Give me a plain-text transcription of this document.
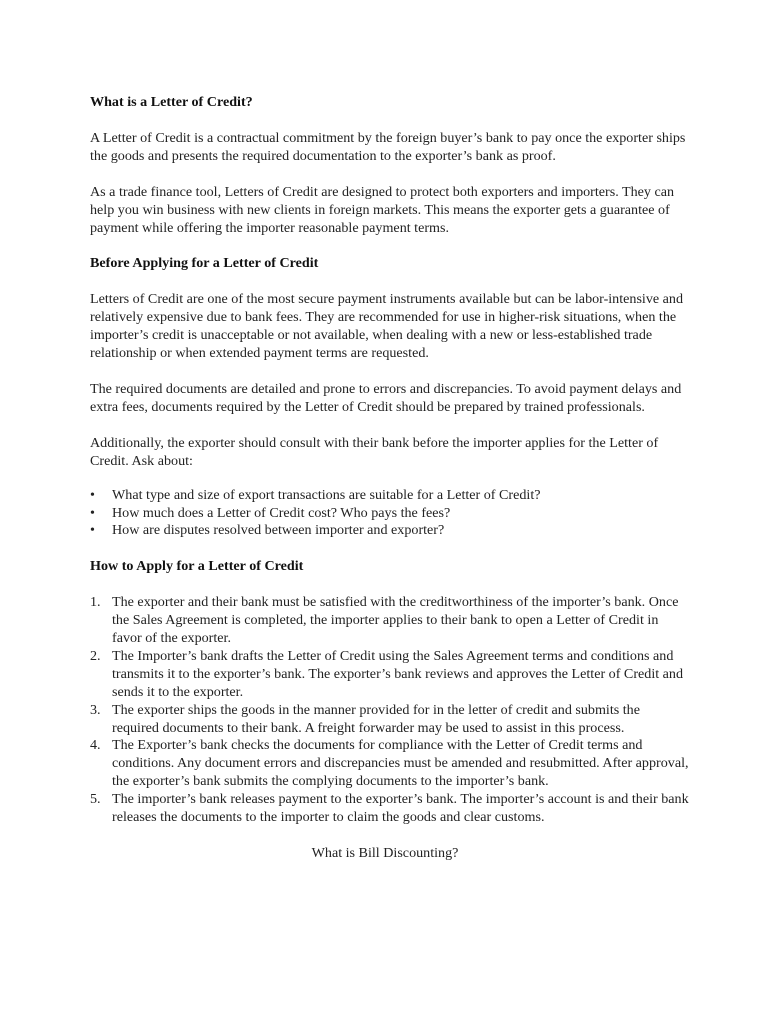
What is a Letter of Credit?

A Letter of Credit is a contractual commitment by the foreign buyer’s bank to pay once the exporter ships the goods and presents the required documentation to the exporter’s bank as proof.

As a trade finance tool, Letters of Credit are designed to protect both exporters and importers. They can help you win business with new clients in foreign markets. This means the exporter gets a guarantee of payment while offering the importer reasonable payment terms.

Before Applying for a Letter of Credit

Letters of Credit are one of the most secure payment instruments available but can be labor-intensive and relatively expensive due to bank fees. They are recommended for use in higher-risk situations, when the importer’s credit is unacceptable or not available, when dealing with a new or less-established trade relationship or when extended payment terms are requested.

The required documents are detailed and prone to errors and discrepancies. To avoid payment delays and extra fees, documents required by the Letter of Credit should be prepared by trained professionals.

Additionally, the exporter should consult with their bank before the importer applies for the Letter of Credit. Ask about:

• What type and size of export transactions are suitable for a Letter of Credit?
• How much does a Letter of Credit cost? Who pays the fees?
• How are disputes resolved between importer and exporter?
How to Apply for a Letter of Credit
1. The exporter and their bank must be satisfied with the creditworthiness of the importer’s bank. Once the Sales Agreement is completed, the importer applies to their bank to open a Letter of Credit in favor of the exporter.
2. The Importer’s bank drafts the Letter of Credit using the Sales Agreement terms and conditions and transmits it to the exporter’s bank. The exporter’s bank reviews and approves the Letter of Credit and sends it to the exporter.
3. The exporter ships the goods in the manner provided for in the letter of credit and submits the required documents to their bank. A freight forwarder may be used to assist in this process.
4. The Exporter’s bank checks the documents for compliance with the Letter of Credit terms and conditions. Any document errors and discrepancies must be amended and resubmitted. After approval, the exporter’s bank submits the complying documents to the importer’s bank.
5. The importer’s bank releases payment to the exporter’s bank. The importer’s account is and their bank releases the documents to the importer to claim the goods and clear customs.
What is Bill Discounting?
